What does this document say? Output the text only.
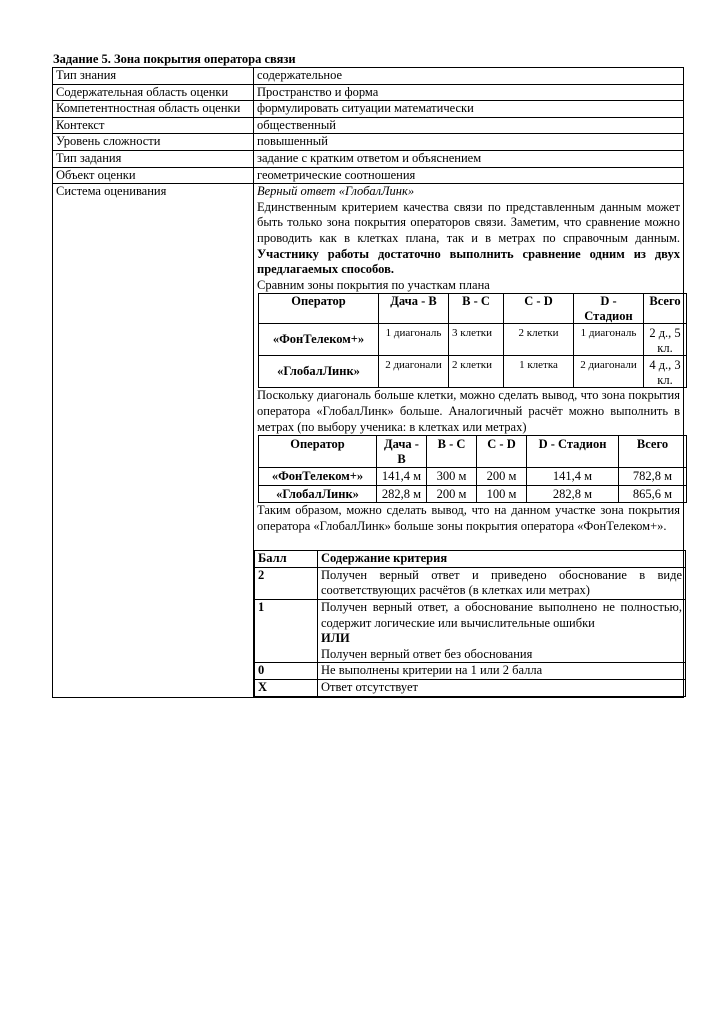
Задание 5. Зона покрытия оператора связи

Тип знания	содержательное
Содержательная область оценки	Пространство и форма
Компетентностная область оценки	формулировать ситуации математически
Контекст	общественный
Уровень сложности	повышенный
Тип задания	задание с кратким ответом и объяснением
Объект оценки	геометрические соотношения
Система оценивания	Верный ответ «ГлобалЛинк»

Единственным критерием качества связи по представленным данным может быть только зона покрытия операторов связи. Заметим, что сравнение можно проводить как в клетках плана, так и в метрах по справочным данным. Участнику работы достаточно выполнить сравнение одним из двух предлагаемых способов.

Сравним зоны покрытия по участкам плана

Оператор	Дача - В	В - С	С - D	D - Стадион	Всего
«ФонТелеком+»	1 диагональ	3 клетки	2 клетки	1 диагональ	2 д., 5 кл.
«ГлобалЛинк»	2 диагонали	2 клетки	1 клетка	2 диагонали	4 д., 3 кл.

Поскольку диагональ больше клетки, можно сделать вывод, что зона покрытия оператора «ГлобалЛинк» больше. Аналогичный расчёт можно выполнить в метрах (по выбору ученика: в клетках или метрах)

Оператор	Дача - В	В - С	С - D	D - Стадион	Всего
«ФонТелеком+»	141,4 м	300 м	200 м	141,4 м	782,8 м
«ГлобалЛинк»	282,8 м	200 м	100 м	282,8 м	865,6 м

Таким образом, можно сделать вывод, что на данном участке зона покрытия оператора «ГлобалЛинк» больше зоны покрытия оператора «ФонТелеком+».

Балл	Содержание критерия
2	Получен верный ответ и приведено обоснование в виде соответствующих расчётов (в клетках или метрах)
1	Получен верный ответ, а обоснование выполнено не полностью, содержит логические или вычислительные ошибки
ИЛИ
Получен верный ответ без обоснования

0	Не выполнены критерии на 1 или 2 балла
X	Ответ отсутствует
